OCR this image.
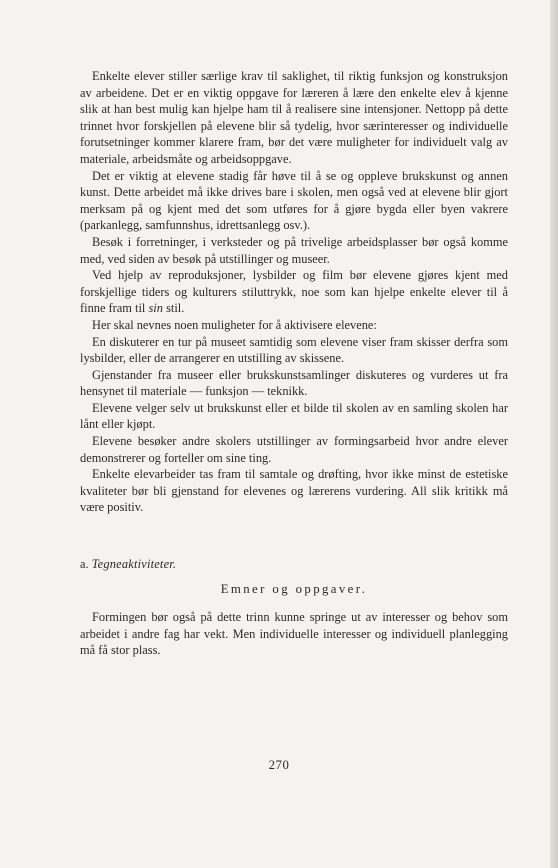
Enkelte elever stiller særlige krav til saklighet, til riktig funksjon og konstruksjon av arbeidene. Det er en viktig oppgave for læreren å lære den enkelte elev å kjenne slik at han best mulig kan hjelpe ham til å realisere sine intensjoner. Nettopp på dette trinnet hvor forskjellen på elevene blir så tydelig, hvor særinteresser og individuelle forutsetninger kommer klarere fram, bør det være muligheter for individuelt valg av materiale, arbeidsmåte og arbeidsoppgave.

Det er viktig at elevene stadig får høve til å se og oppleve brukskunst og annen kunst. Dette arbeidet må ikke drives bare i skolen, men også ved at elevene blir gjort merksam på og kjent med det som utføres for å gjøre bygda eller byen vakrere (parkanlegg, samfunnshus, idrettsanlegg osv.).

Besøk i forretninger, i verksteder og på trivelige arbeidsplasser bør også komme med, ved siden av besøk på utstillinger og museer.

Ved hjelp av reproduksjoner, lysbilder og film bør elevene gjøres kjent med forskjellige tiders og kulturers stiluttrykk, noe som kan hjelpe enkelte elever til å finne fram til sin stil.

Her skal nevnes noen muligheter for å aktivisere elevene:

En diskuterer en tur på museet samtidig som elevene viser fram skisser derfra som lysbilder, eller de arrangerer en utstilling av skissene.

Gjenstander fra museer eller brukskunstsamlinger diskuteres og vurderes ut fra hensynet til materiale — funksjon — teknikk.

Elevene velger selv ut brukskunst eller et bilde til skolen av en samling skolen har lånt eller kjøpt.

Elevene besøker andre skolers utstillinger av formingsarbeid hvor andre elever demonstrerer og forteller om sine ting.

Enkelte elevarbeider tas fram til samtale og drøfting, hvor ikke minst de estetiske kvaliteter bør bli gjenstand for elevenes og lærerens vurdering. All slik kritikk må være positiv.

a. Tegneaktiviteter.

Emner og oppgaver.

Formingen bør også på dette trinn kunne springe ut av interesser og behov som arbeidet i andre fag har vekt. Men individuelle interesser og individuell planlegging må få stor plass.

270
